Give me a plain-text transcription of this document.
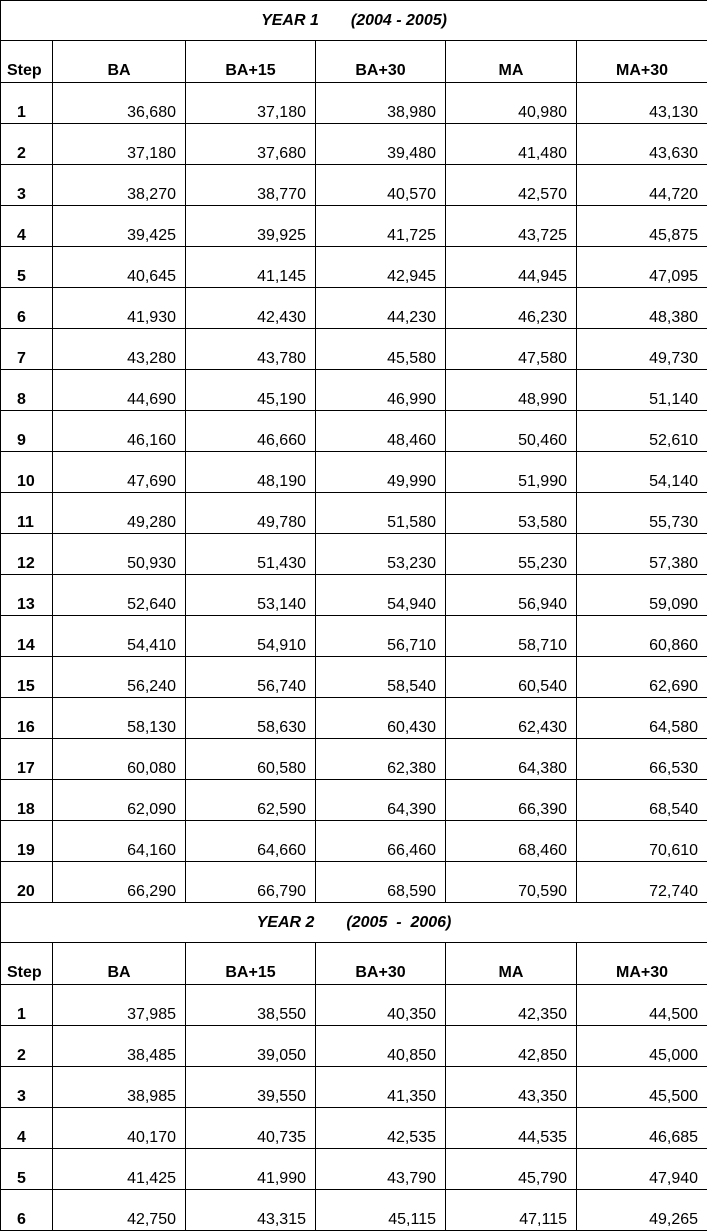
YEAR 1 (2004 - 2005)					
Step	BA	BA+15	BA+30	MA	MA+30
1	36,680	37,180	38,980	40,980	43,130
2	37,180	37,680	39,480	41,480	43,630
3	38,270	38,770	40,570	42,570	44,720
4	39,425	39,925	41,725	43,725	45,875
5	40,645	41,145	42,945	44,945	47,095
6	41,930	42,430	44,230	46,230	48,380
7	43,280	43,780	45,580	47,580	49,730
8	44,690	45,190	46,990	48,990	51,140
9	46,160	46,660	48,460	50,460	52,610
10	47,690	48,190	49,990	51,990	54,140
11	49,280	49,780	51,580	53,580	55,730
12	50,930	51,430	53,230	55,230	57,380
13	52,640	53,140	54,940	56,940	59,090
14	54,410	54,910	56,710	58,710	60,860
15	56,240	56,740	58,540	60,540	62,690
16	58,130	58,630	60,430	62,430	64,580
17	60,080	60,580	62,380	64,380	66,530
18	62,090	62,590	64,390	66,390	68,540
19	64,160	64,660	66,460	68,460	70,610
20	66,290	66,790	68,590	70,590	72,740
YEAR 2 (2005  -  2006)					
Step	BA	BA+15	BA+30	MA	MA+30
1	37,985	38,550	40,350	42,350	44,500
2	38,485	39,050	40,850	42,850	45,000
3	38,985	39,550	41,350	43,350	45,500
4	40,170	40,735	42,535	44,535	46,685
5	41,425	41,990	43,790	45,790	47,940
6	42,750	43,315	45,115	47,115	49,265
